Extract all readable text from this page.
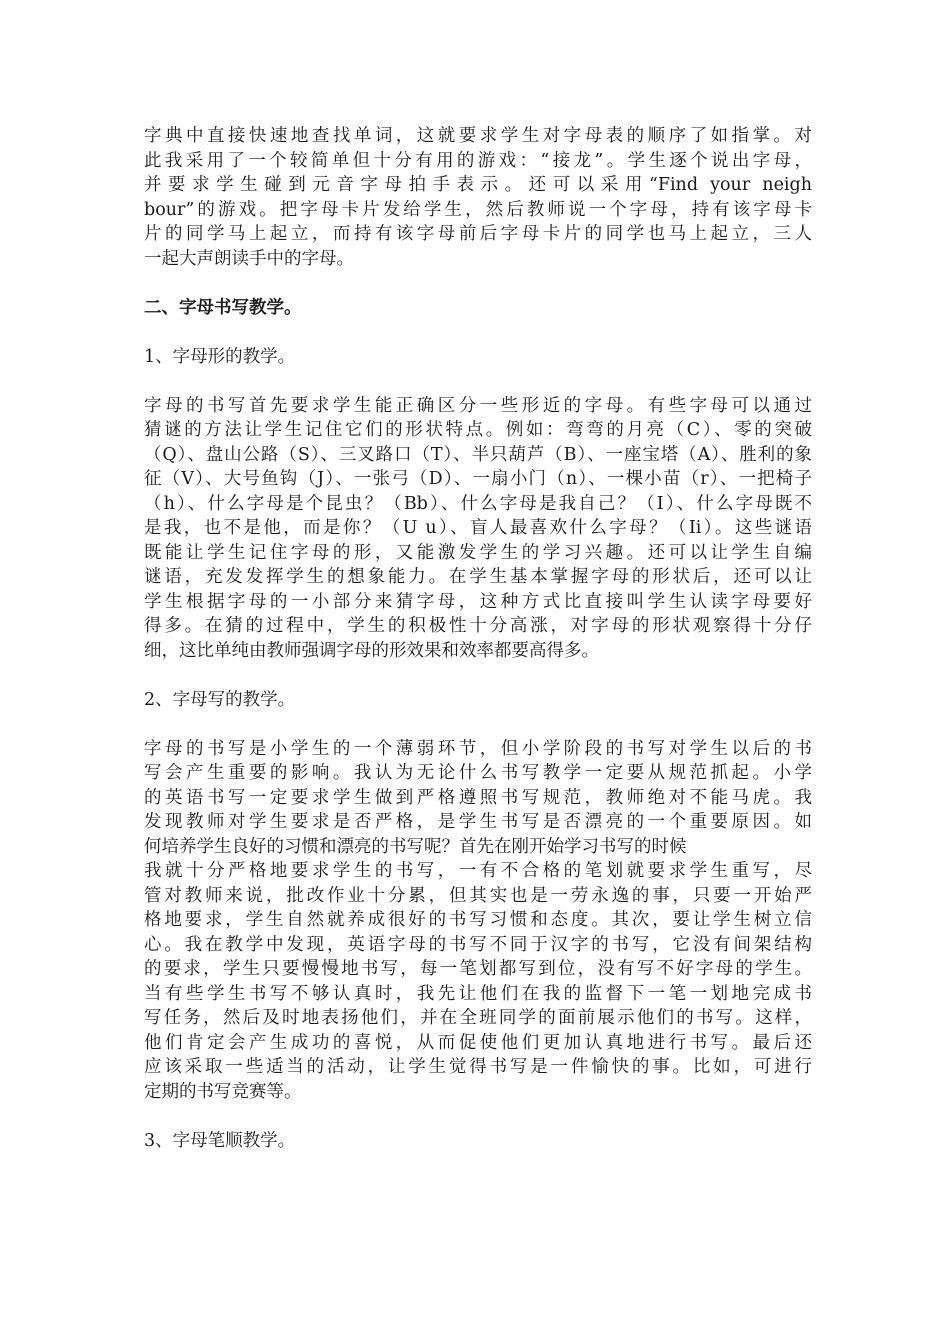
字典中直接快速地查找单词，这就要求学生对字母表的顺序了如指掌。对
此我采用了一个较简单但十分有用的游戏：“接龙”。学生逐个说出字母，
并要求学生碰到元音字母拍手表示。还可以采用“Find your neigh
bour”的游戏。把字母卡片发给学生，然后教师说一个字母，持有该字母卡
片的同学马上起立，而持有该字母前后字母卡片的同学也马上起立，三人
一起大声朗读手中的字母。
二、字母书写教学。
1、字母形的教学。
字母的书写首先要求学生能正确区分一些形近的字母。有些字母可以通过
猜谜的方法让学生记住它们的形状特点。例如：弯弯的月亮（C）、零的突破
（Q）、盘山公路（S）、三叉路口（T）、半只葫芦（B）、一座宝塔（A）、胜利的象
征（V）、大号鱼钩（J）、一张弓（D）、一扇小门（n）、一棵小苗（r）、一把椅子
（h）、什么字母是个昆虫？（Bb）、什么字母是我自己？（I）、什么字母既不
是我，也不是他，而是你？（U u）、盲人最喜欢什么字母？（Ii）。这些谜语
既能让学生记住字母的形，又能激发学生的学习兴趣。还可以让学生自编
谜语，充发发挥学生的想象能力。在学生基本掌握字母的形状后，还可以让
学生根据字母的一小部分来猜字母，这种方式比直接叫学生认读字母要好
得多。在猜的过程中，学生的积极性十分高涨，对字母的形状观察得十分仔
细，这比单纯由教师强调字母的形效果和效率都要高得多。
2、字母写的教学。
字母的书写是小学生的一个薄弱环节，但小学阶段的书写对学生以后的书
写会产生重要的影响。我认为无论什么书写教学一定要从规范抓起。小学
的英语书写一定要求学生做到严格遵照书写规范，教师绝对不能马虎。我
发现教师对学生要求是否严格，是学生书写是否漂亮的一个重要原因。如
何培养学生良好的习惯和漂亮的书写呢？首先在刚开始学习书写的时候
我就十分严格地要求学生的书写，一有不合格的笔划就要求学生重写，尽
管对教师来说，批改作业十分累，但其实也是一劳永逸的事，只要一开始严
格地要求，学生自然就养成很好的书写习惯和态度。其次，要让学生树立信
心。我在教学中发现，英语字母的书写不同于汉字的书写，它没有间架结构
的要求，学生只要慢慢地书写，每一笔划都写到位，没有写不好字母的学生。
当有些学生书写不够认真时，我先让他们在我的监督下一笔一划地完成书
写任务，然后及时地表扬他们，并在全班同学的面前展示他们的书写。这样，
他们肯定会产生成功的喜悦，从而促使他们更加认真地进行书写。最后还
应该采取一些适当的活动，让学生觉得书写是一件愉快的事。比如，可进行
定期的书写竞赛等。
3、字母笔顺教学。
